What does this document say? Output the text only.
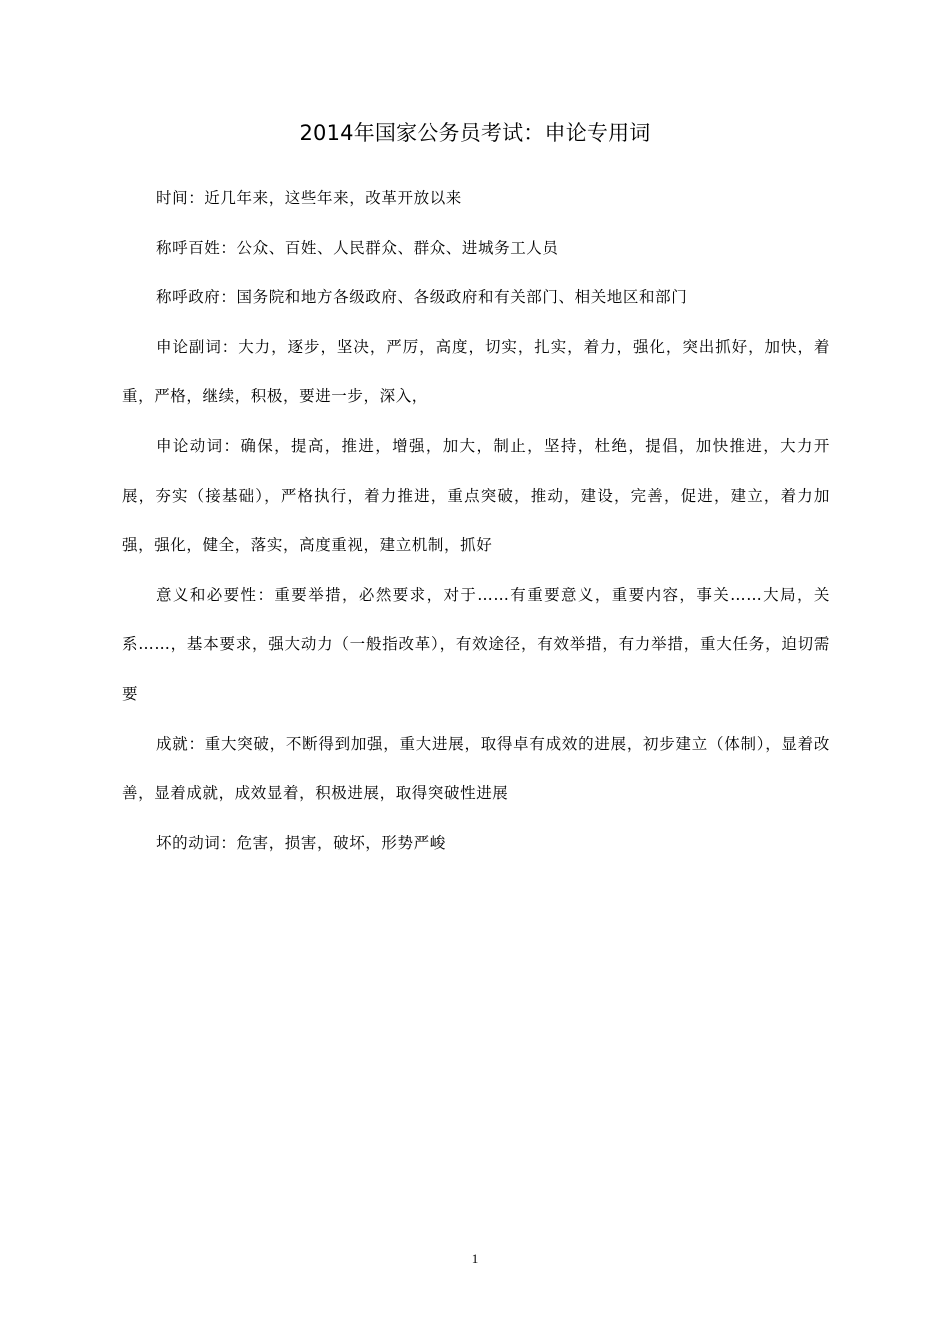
2014年国家公务员考试：申论专用词

时间：近几年来，这些年来，改革开放以来

称呼百姓：公众、百姓、人民群众、群众、进城务工人员

称呼政府：国务院和地方各级政府、各级政府和有关部门、相关地区和部门

申论副词：大力，逐步，坚决，严厉，高度，切实，扎实，着力，强化，突出抓好，加快，着重，严格，继续，积极，要进一步，深入，

申论动词：确保，提高，推进，增强，加大，制止，坚持，杜绝，提倡，加快推进，大力开展，夯实（接基础），严格执行，着力推进，重点突破，推动，建设，完善，促进，建立，着力加强，强化，健全，落实，高度重视，建立机制，抓好

意义和必要性：重要举措，必然要求，对于……有重要意义，重要内容，事关……大局，关系……，基本要求，强大动力（一般指改革），有效途径，有效举措，有力举措，重大任务，迫切需要

成就：重大突破，不断得到加强，重大进展，取得卓有成效的进展，初步建立（体制），显着改善，显着成就，成效显着，积极进展，取得突破性进展

坏的动词：危害，损害，破坏，形势严峻

1
